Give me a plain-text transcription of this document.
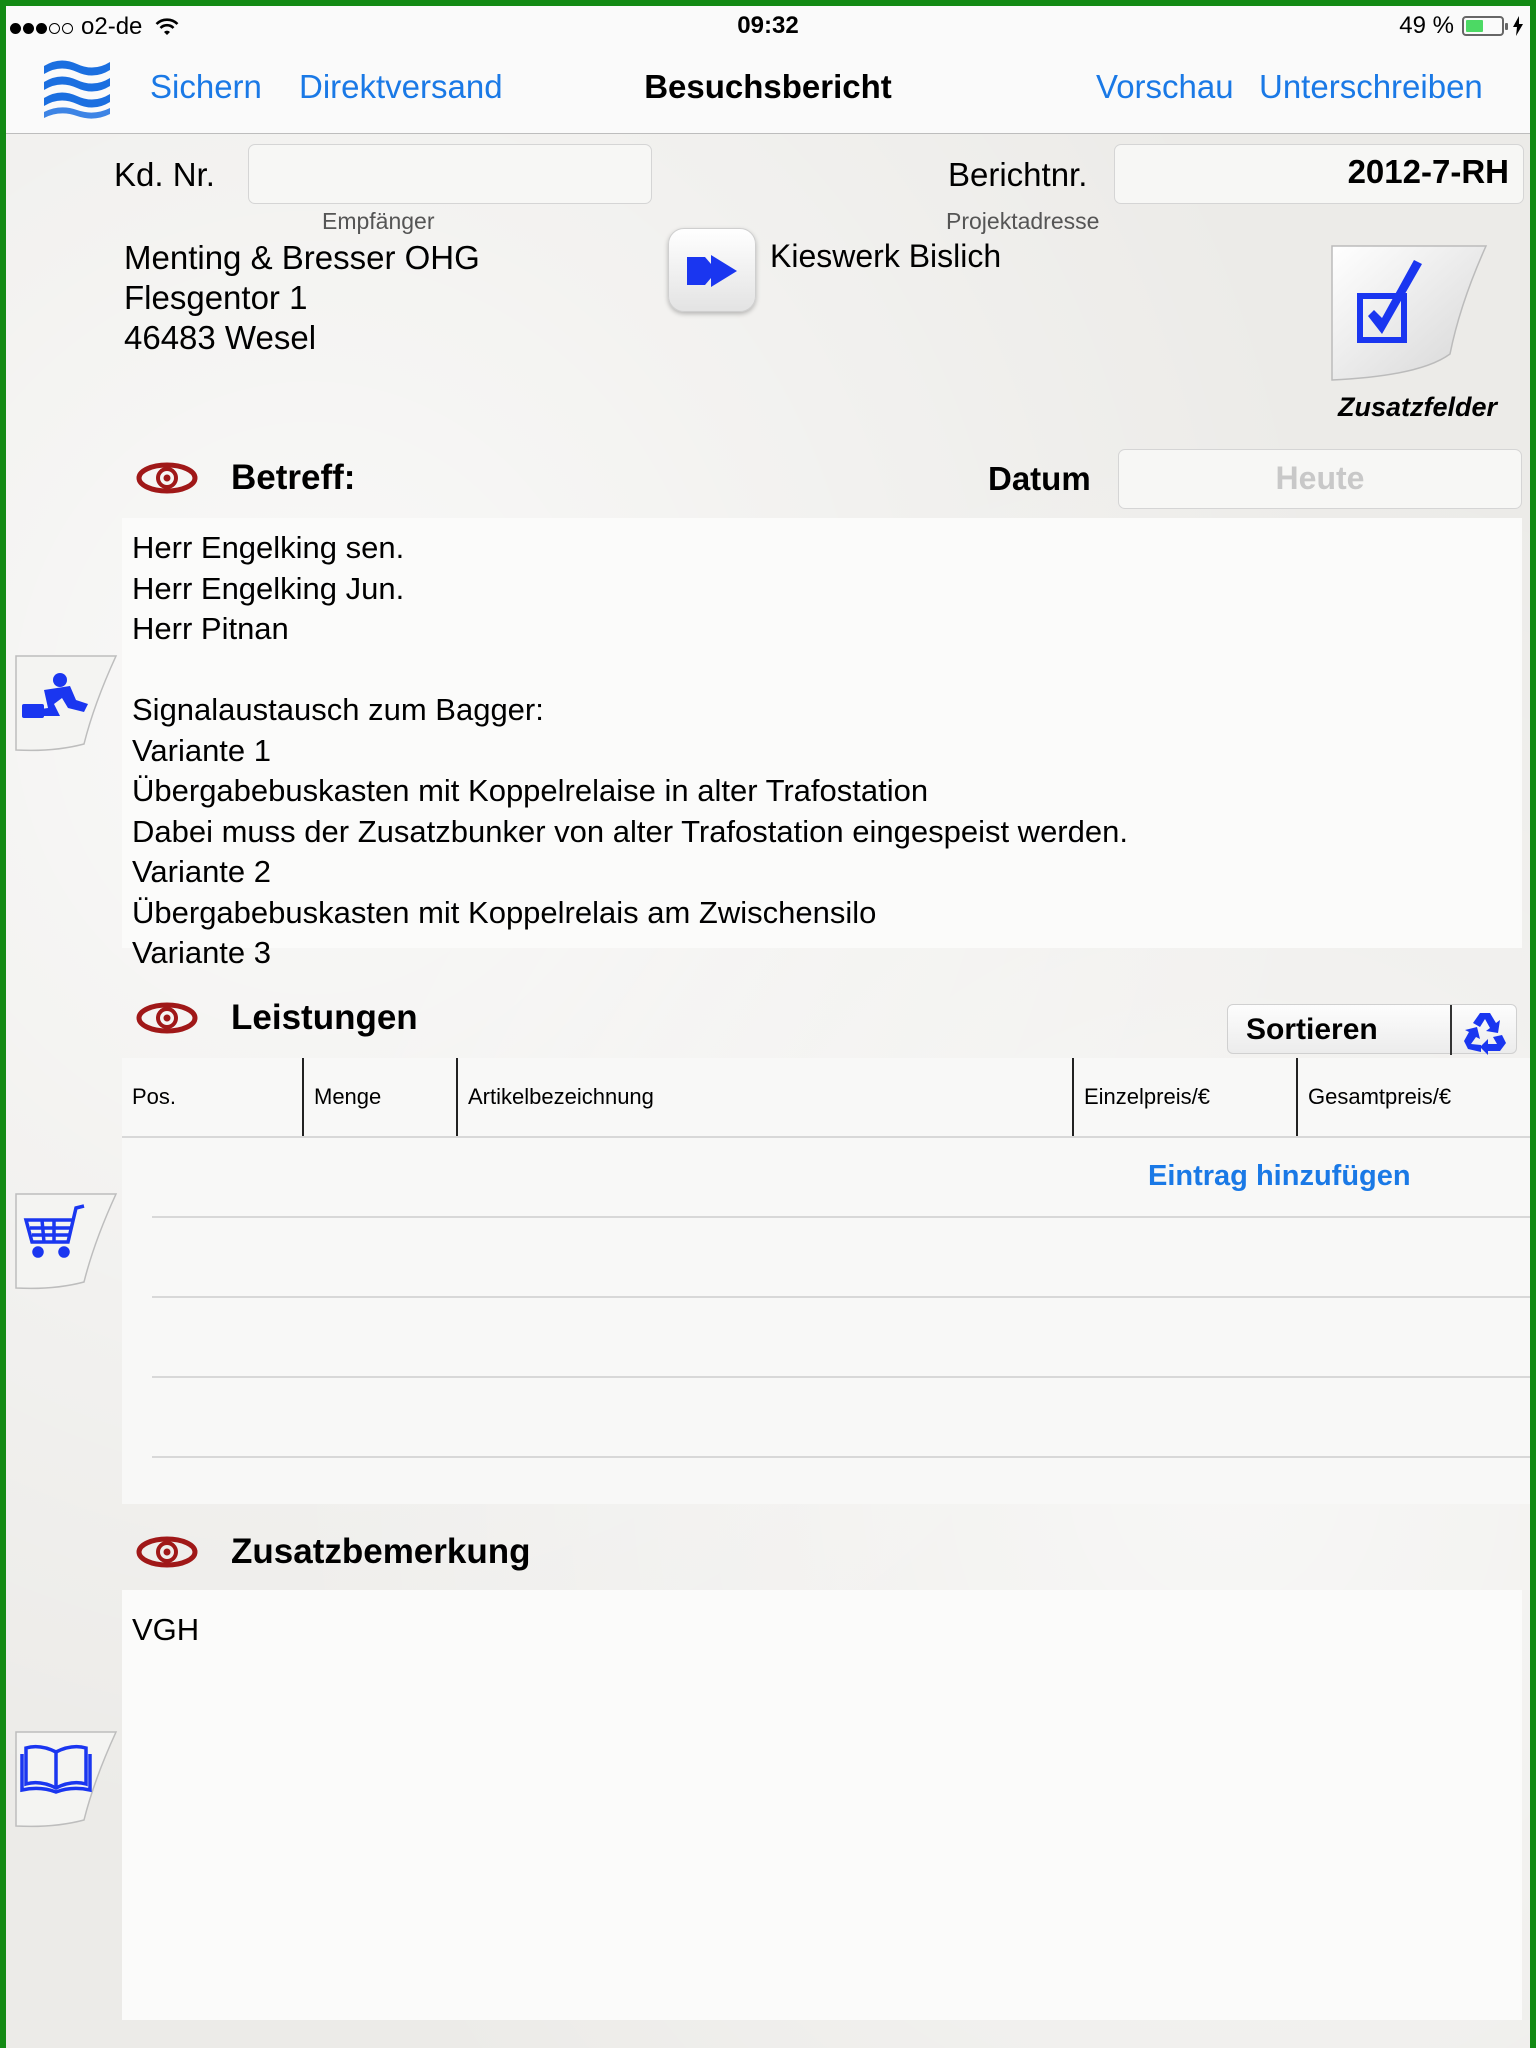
o2-de	09:32	49 %
Sichern Direktversand	Besuchsbericht	Vorschau Unterschreiben
Kd. Nr.	Berichtnr.	2012-7-RH
Empfänger
Menting & Bresser OHG
Flesgentor 1
46483 Wesel
Projektadresse
Kieswerk Bislich
Zusatzfelder
Betreff:	Datum	Heute
Herr Engelking sen.
Herr Engelking Jun.
Herr Pitnan

Signalaustausch zum Bagger:
Variante 1
Übergabebuskasten mit Koppelrelaise in alter Trafostation
Dabei muss der Zusatzbunker von alter Trafostation eingespeist werden.
Variante 2
Übergabebuskasten mit Koppelrelais am Zwischensilo
Variante 3
Leistungen	Sortieren
Pos.	Menge	Artikelbezeichnung	Einzelpreis/€	Gesamtpreis/€
Eintrag hinzufügen
Zusatzbemerkung
VGH
